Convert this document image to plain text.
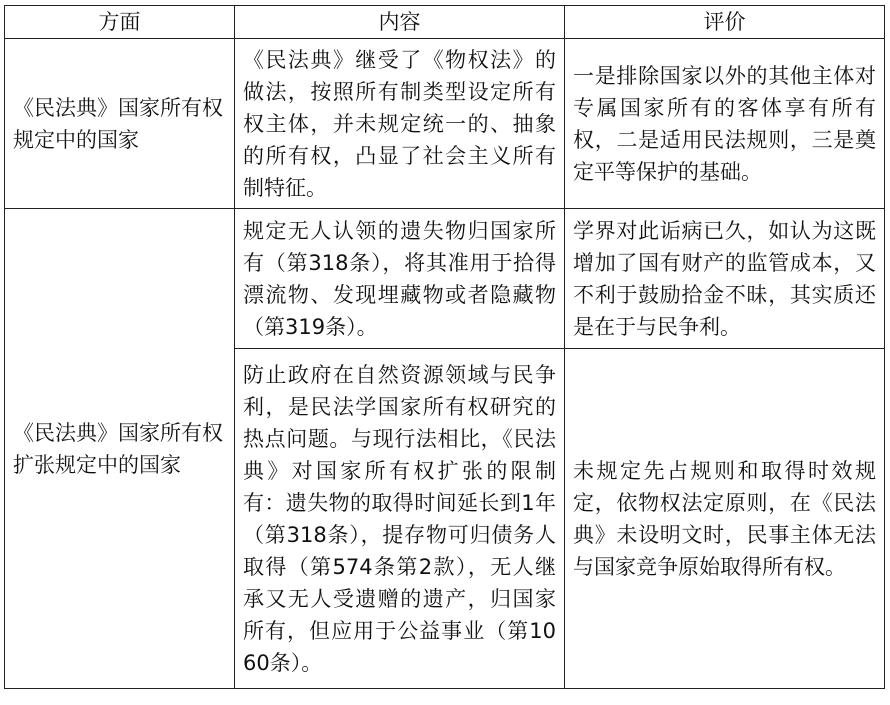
方面	内容	评价

《民法典》国家所有权规定中的国家	《民法典》继受了《物权法》的做法，按照所有制类型设定所有权主体，并未规定统一的、抽象的所有权，凸显了社会主义所有制特征。	一是排除国家以外的其他主体对专属国家所有的客体享有所有权，二是适用民法规则，三是奠定平等保护的基础。

《民法典》国家所有权扩张规定中的国家	规定无人认领的遗失物归国家所有（第318条），将其准用于拾得漂流物、发现埋藏物或者隐藏物（第319条）。	学界对此诟病已久，如认为这既增加了国有财产的监管成本，又不利于鼓励拾金不昧，其实质还是在于与民争利。

	防止政府在自然资源领域与民争利，是民法学国家所有权研究的热点问题。与现行法相比，《民法典》对国家所有权扩张的限制有：遗失物的取得时间延长到1年（第318条），提存物可归债务人取得（第574条第2款），无人继承又无人受遗赠的遗产，归国家所有，但应用于公益事业（第1060条）。	未规定先占规则和取得时效规定，依物权法定原则，在《民法典》未设明文时，民事主体无法与国家竞争原始取得所有权。
